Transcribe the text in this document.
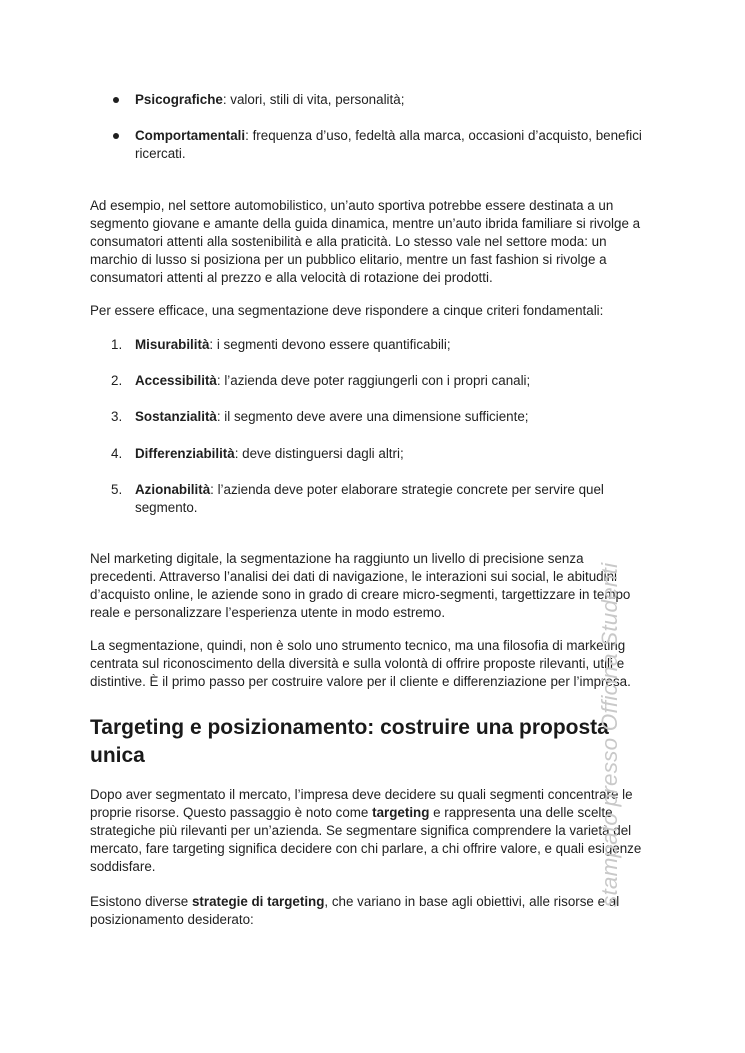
Psicografiche: valori, stili di vita, personalità;
Comportamentali: frequenza d’uso, fedeltà alla marca, occasioni d’acquisto, benefici ricercati.

Ad esempio, nel settore automobilistico, un’auto sportiva potrebbe essere destinata a un segmento giovane e amante della guida dinamica, mentre un’auto ibrida familiare si rivolge a consumatori attenti alla sostenibilità e alla praticità. Lo stesso vale nel settore moda: un marchio di lusso si posiziona per un pubblico elitario, mentre un fast fashion si rivolge a consumatori attenti al prezzo e alla velocità di rotazione dei prodotti.

Per essere efficace, una segmentazione deve rispondere a cinque criteri fondamentali:

1. Misurabilità: i segmenti devono essere quantificabili;
2. Accessibilità: l’azienda deve poter raggiungerli con i propri canali;
3. Sostanzialità: il segmento deve avere una dimensione sufficiente;
4. Differenziabilità: deve distinguersi dagli altri;
5. Azionabilità: l’azienda deve poter elaborare strategie concrete per servire quel segmento.

Nel marketing digitale, la segmentazione ha raggiunto un livello di precisione senza precedenti. Attraverso l’analisi dei dati di navigazione, le interazioni sui social, le abitudini d’acquisto online, le aziende sono in grado di creare micro-segmenti, targettizzare in tempo reale e personalizzare l’esperienza utente in modo estremo.

La segmentazione, quindi, non è solo uno strumento tecnico, ma una filosofia di marketing centrata sul riconoscimento della diversità e sulla volontà di offrire proposte rilevanti, utili e distintive. È il primo passo per costruire valore per il cliente e differenziazione per l’impresa.

Targeting e posizionamento: costruire una proposta unica

Dopo aver segmentato il mercato, l’impresa deve decidere su quali segmenti concentrare le proprie risorse. Questo passaggio è noto come targeting e rappresenta una delle scelte strategiche più rilevanti per un’azienda. Se segmentare significa comprendere la varietà del mercato, fare targeting significa decidere con chi parlare, a chi offrire valore, e quali esigenze soddisfare.

Esistono diverse strategie di targeting, che variano in base agli obiettivi, alle risorse e al posizionamento desiderato:

stampato presso Officina Studenti
